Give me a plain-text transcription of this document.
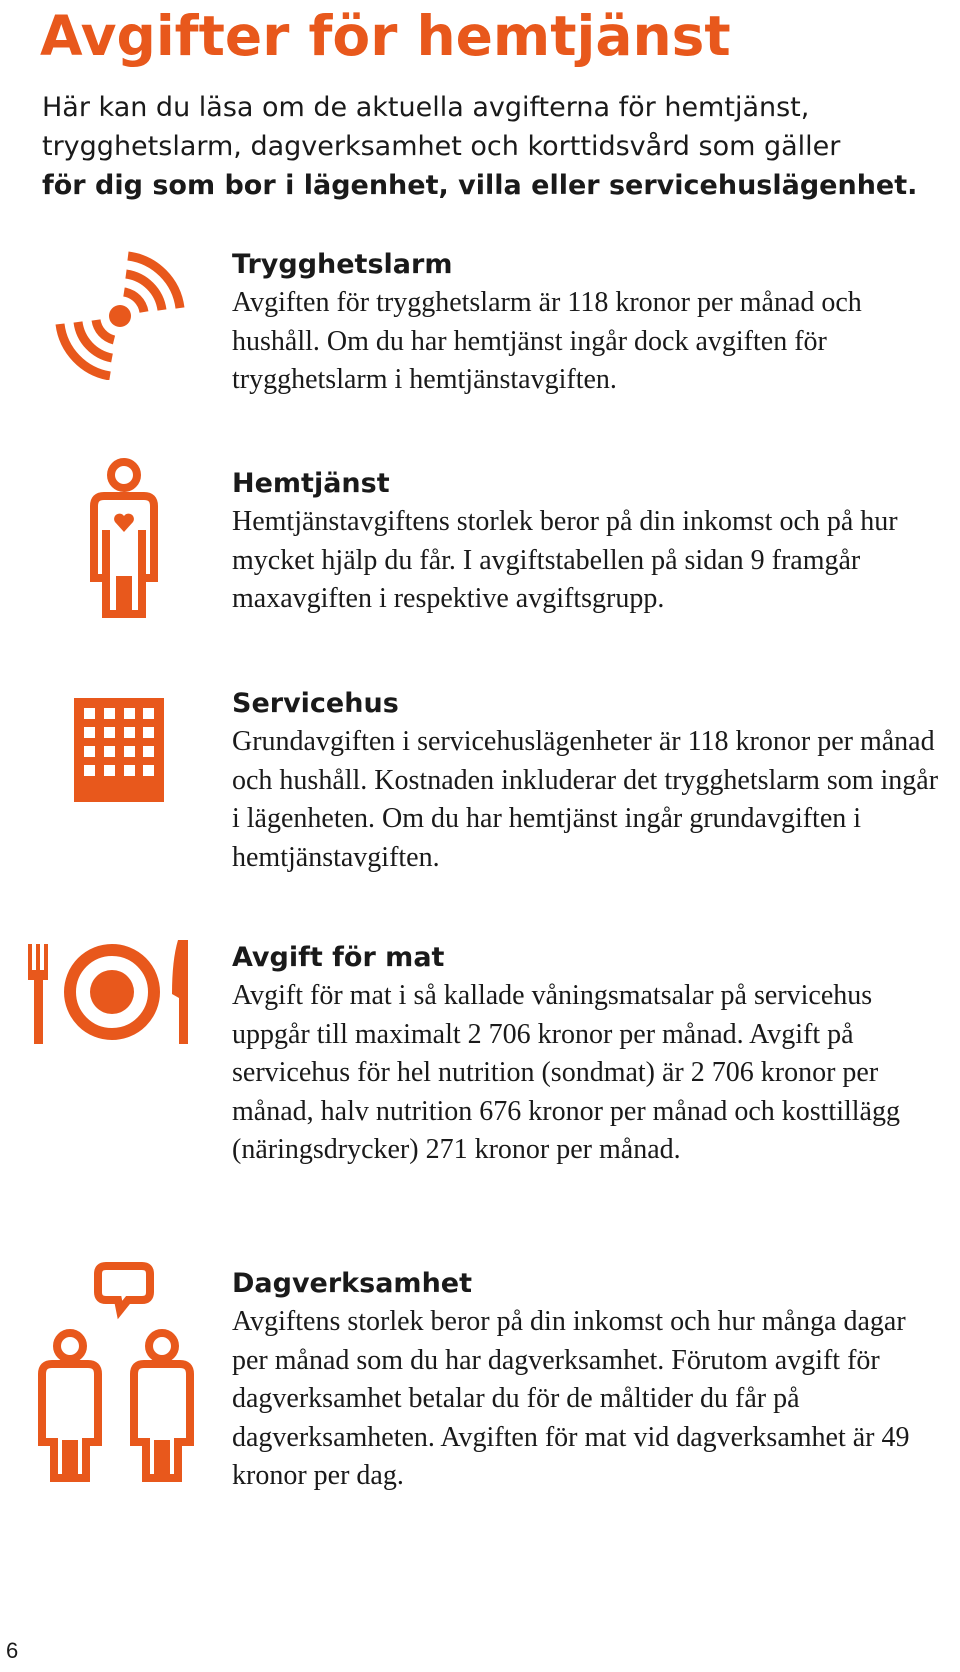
Avgifter för hemtjänst

Här kan du läsa om de aktuella avgifterna för hemtjänst,

trygghetslarm, dagverksamhet och korttidsvård som gäller

för dig som bor i lägenhet, villa eller servicehuslägenhet.

Trygghetslarm

Avgiften för trygghetslarm är 118 kronor per månad och hushåll. Om du har hemtjänst ingår dock avgiften för trygghetslarm i hemtjänstavgiften.

Hemtjänst

Hemtjänstavgiftens storlek beror på din inkomst och på hur mycket hjälp du får. I avgiftstabellen på sidan 9 framgår maxavgiften i respektive avgiftsgrupp.

Servicehus

Grundavgiften i servicehuslägenheter är 118 kronor per månad och hushåll. Kostnaden inkluderar det trygghetslarm som ingår i lägenheten. Om du har hemtjänst ingår grundavgiften i hemtjänstavgiften.

Avgift för mat

Avgift för mat i så kallade våningsmatsalar på servicehus uppgår till maximalt 2 706 kronor per månad. Avgift på servicehus för hel nutrition (sondmat) är 2 706 kronor per månad, halv nutrition 676 kronor per månad och kosttillägg (näringsdrycker) 271 kronor per månad.

Dagverksamhet

Avgiftens storlek beror på din inkomst och hur många dagar per månad som du har dagverksamhet. Förutom avgift för dagverksamhet betalar du för de måltider du får på dagverksamheten. Avgiften för mat vid dagverksamhet är 49 kronor per dag.

6
